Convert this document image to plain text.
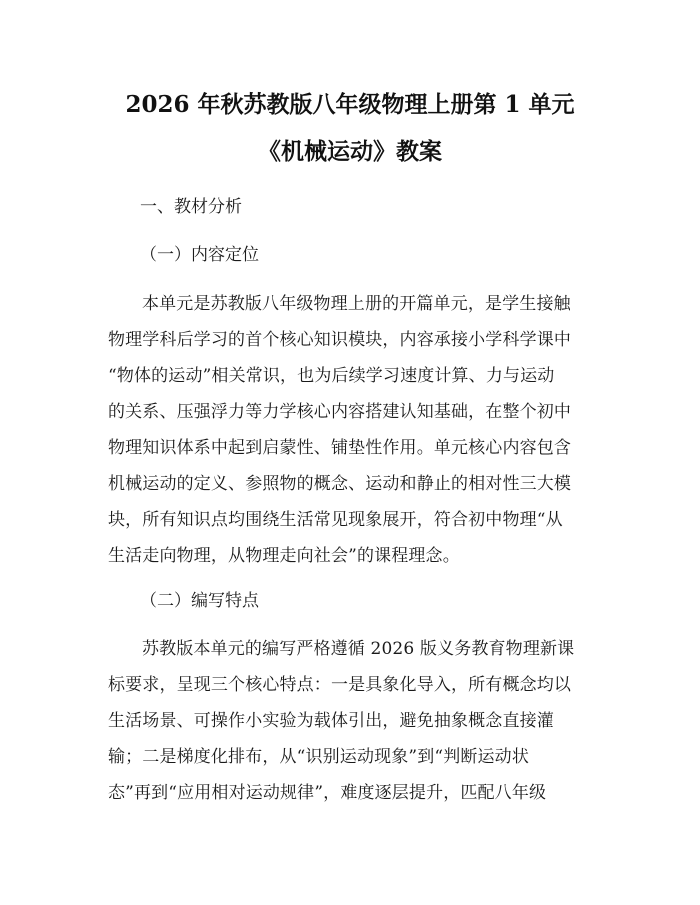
2026 年秋苏教版八年级物理上册第 1 单元
《机械运动》教案
一、教材分析
（一）内容定位
本单元是苏教版八年级物理上册的开篇单元，是学生接触
物理学科后学习的首个核心知识模块，内容承接小学科学课中
“物体的运动”相关常识，也为后续学习速度计算、力与运动
的关系、压强浮力等力学核心内容搭建认知基础，在整个初中
物理知识体系中起到启蒙性、铺垫性作用。单元核心内容包含
机械运动的定义、参照物的概念、运动和静止的相对性三大模
块，所有知识点均围绕生活常见现象展开，符合初中物理“从
生活走向物理，从物理走向社会”的课程理念。
（二）编写特点
苏教版本单元的编写严格遵循 2026 版义务教育物理新课
标要求，呈现三个核心特点：一是具象化导入，所有概念均以
生活场景、可操作小实验为载体引出，避免抽象概念直接灌
输；二是梯度化排布，从“识别运动现象”到“判断运动状
态”再到“应用相对运动规律”，难度逐层提升，匹配八年级
